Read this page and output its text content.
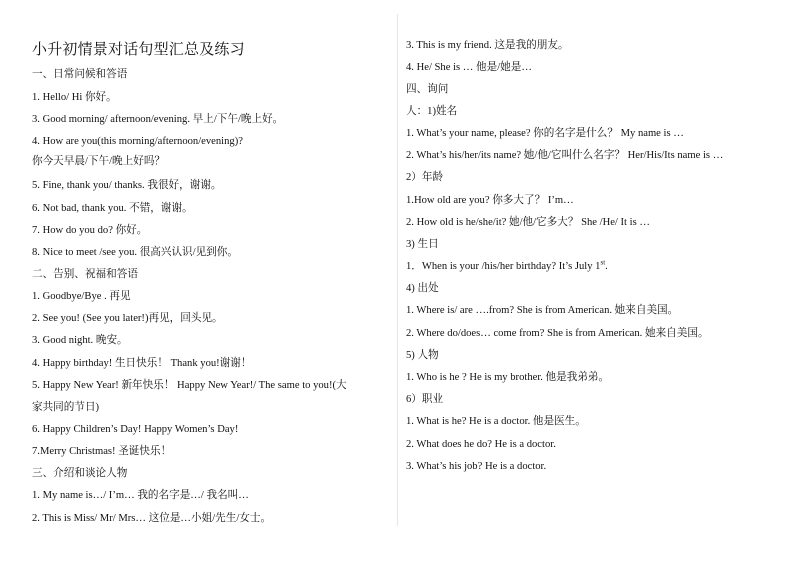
小升初情景对话句型汇总及练习
一、日常问候和答语
1. Hello/ Hi 你好。
3. Good morning/ afternoon/evening. 早上/下午/晚上好。
4. How are you(this morning/afternoon/evening)?
你今天早晨/下午/晚上好吗？
5. Fine, thank you/ thanks. 我很好，谢谢。
6. Not bad, thank you. 不错，谢谢。
7. How do you do? 你好。
8. Nice to meet /see you. 很高兴认识/见到你。
二、告别、祝福和答语
1. Goodbye/Bye . 再见
2. See you! (See you later!)再见，回头见。
3. Good night. 晚安。
4. Happy birthday! 生日快乐！ Thank you!谢谢！
5. Happy New Year! 新年快乐！ Happy New Year!/ The same to you!(大
家共同的节日)
6. Happy Children’s Day! Happy Women’s Day!
7.Merry Christmas! 圣诞快乐！
三、介绍和谈论人物
1. My name is…/ I’m… 我的名字是…/ 我名叫…
2. This is Miss/ Mr/ Mrs… 这位是…小姐/先生/女士。
3. This is my friend. 这是我的朋友。
4. He/ She is … 他是/她是…
四、询问
人：1)姓名
1. What’s your name, please? 你的名字是什么？ My name is …
2. What’s his/her/its name? 她/他/它叫什么名字？ Her/His/Its name is …
2）年龄
1.How old are you? 你多大了？ I’m…
2. How old is he/she/it? 她/他/它多大？ She /He/ It is …
3) 生日
1．When is your /his/her birthday? It’s July 1st.
4) 出处
1. Where is/ are ….from? She is from American. 她来自美国。
2. Where do/does… come from? She is from American. 她来自美国。
5) 人物
1. Who is he ? He is my brother. 他是我弟弟。
6）职业
1. What is he? He is a doctor. 他是医生。
2. What does he do? He is a doctor.
3. What’s his job? He is a doctor.
